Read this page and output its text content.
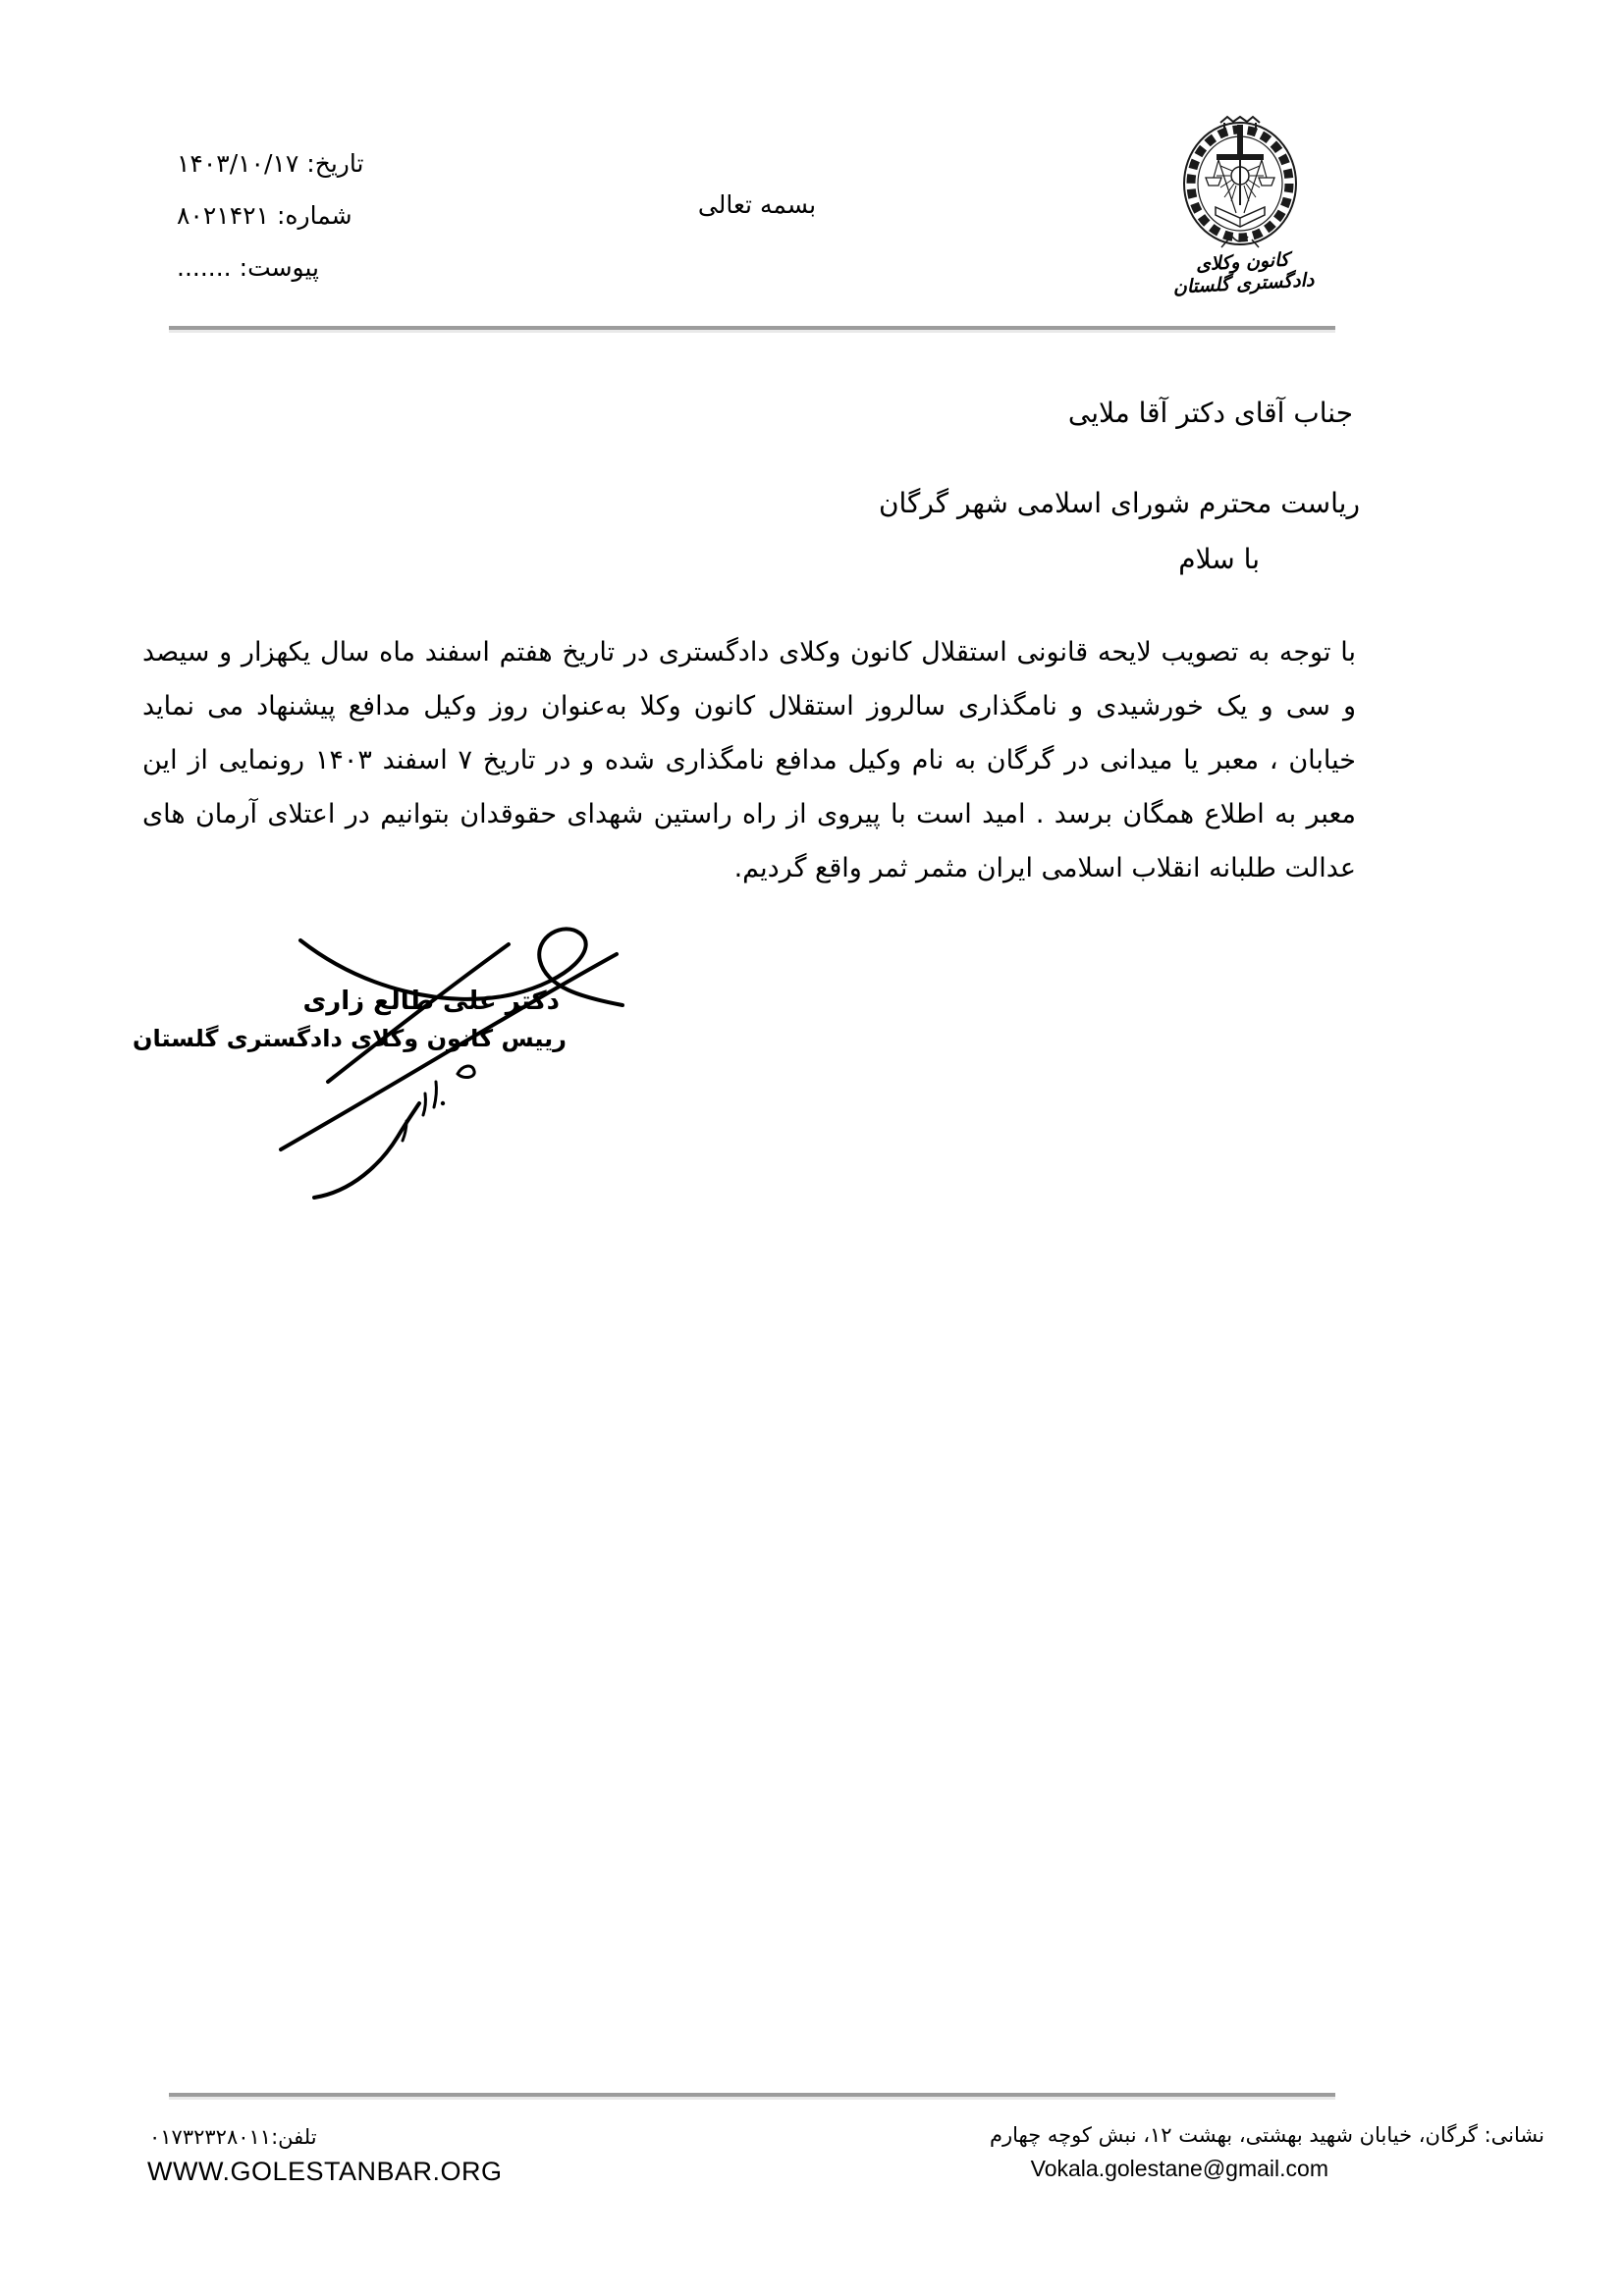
تاریخ:۱۴۰۳/۱۰/۱۷
شماره:۸۰۲۱۴۲۱
پیوست:.......
بسمه تعالی
کانون وکلای دادگستری گلستان
جناب آقای دکتر آقا ملایی
ریاست محترم شورای اسلامی شهر گرگان
با سلام
با توجه به تصویب لایحه قانونی استقلال کانون وکلای دادگستری در تاریخ هفتم اسفند ماه سال یکهزار و سیصد
و سی و یک خورشیدی و نامگذاری سالروز استقلال کانون وکلا به‌عنوان روز وکیل مدافع پیشنهاد می نماید
خیابان ، معبر یا میدانی در گرگان به نام وکیل مدافع نامگذاری شده و در تاریخ ۷ اسفند ۱۴۰۳ رونمایی از این
معبر به اطلاع همگان برسد . امید است با پیروی از راه راستین شهدای حقوقدان بتوانیم در اعتلای آرمان های
عدالت طلبانه انقلاب اسلامی ایران مثمر ثمر واقع گردیم.
دکتر علی طالع زاری
رییس کانون وکلای دادگستری گلستان
نشانی: گرگان، خیابان شهید بهشتی، بهشت ۱۲، نبش کوچه چهارم
تلفن:۰۱۷۳۲۳۲۸۰۱۱
Vokala.golestane@gmail.com
WWW.GOLESTANBAR.ORG
